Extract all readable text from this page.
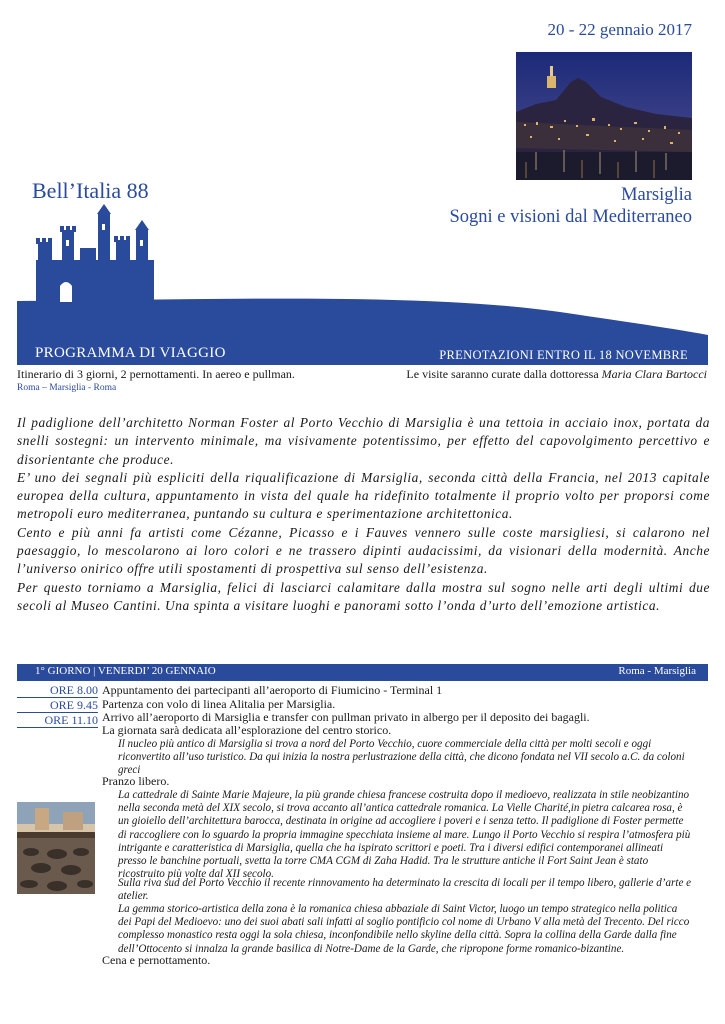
20 - 22 gennaio 2017
Bell’Italia 88	Marsiglia
Sogni e visioni dal Mediterraneo
PROGRAMMA DI VIAGGIO	PRENOTAZIONI ENTRO IL 18 NOVEMBRE
Itinerario di 3 giorni, 2 pernottamenti. In aereo e pullman.
Roma – Marsiglia - Roma
Le visite saranno curate dalla dottoressa Maria Clara Bartocci

Il padiglione dell’architetto Norman Foster al Porto Vecchio di Marsiglia è una tettoia in acciaio inox, portata da snelli sostegni: un intervento minimale, ma visivamente potentissimo, per effetto del capovolgimento percettivo e disorientante che produce.

E’ uno dei segnali più espliciti della riqualificazione di Marsiglia, seconda città della Francia, nel 2013 capitale europea della cultura, appuntamento in vista del quale ha ridefinito totalmente il proprio volto per proporsi come metropoli euro mediterranea, puntando su cultura e sperimentazione architettonica.

Cento e più anni fa artisti come Cézanne, Picasso e i Fauves vennero sulle coste marsigliesi, si calarono nel paesaggio, lo mescolarono ai loro colori e ne trassero dipinti audacissimi, da visionari della modernità. Anche l’universo onirico offre utili spostamenti di prospettiva sul senso dell’esistenza.

Per questo torniamo a Marsiglia, felici di lasciarci calamitare dalla mostra sul sogno nelle arti degli ultimi due secoli al Museo Cantini. Una spinta a visitare luoghi e panorami sotto l’onda d’urto dell’emozione artistica.

1° GIORNO | VENERDI’ 20 GENNAIO	Roma - Marsiglia
ORE 8.00 Appuntamento dei partecipanti all’aeroporto di Fiumicino - Terminal 1
ORE 9.45 Partenza con volo di linea Alitalia per Marsiglia.
ORE 11.10 Arrivo all’aeroporto di Marsiglia e transfer con pullman privato in albergo per il deposito dei bagagli.
La giornata sarà dedicata all’esplorazione del centro storico.
Il nucleo più antico di Marsiglia si trova a nord del Porto Vecchio, cuore commerciale della città per molti secoli e oggi riconvertito all’uso turistico. Da qui inizia la nostra perlustrazione della città, che dicono fondata nel VII secolo a.C. da coloni greci
Pranzo libero.
La cattedrale di Sainte Marie Majeure, la più grande chiesa francese costruita dopo il medioevo, realizzata in stile neobizantino nella seconda metà del XIX secolo, si trova accanto all’antica cattedrale romanica. La Vielle Charité,in pietra calcarea rosa, è un gioiello dell’architettura barocca, destinata in origine ad accogliere i poveri e i senza tetto. Il padiglione di Foster permette di raccogliere con lo sguardo la propria immagine specchiata insieme al mare. Lungo il Porto Vecchio si respira l’atmosfera più intrigante e caratteristica di Marsiglia, quella che ha ispirato scrittori e poeti. Tra i diversi edifici contemporanei allineati presso le banchine portuali, svetta la torre CMA CGM di Zaha Hadid. Tra le strutture antiche il Fort Saint Jean è stato ricostruito più volte dal XII secolo.
Sulla riva sud del Porto Vecchio il recente rinnovamento ha determinato la crescita di locali per il tempo libero, gallerie d’arte e atelier.
La gemma storico-artistica della zona è la romanica chiesa abbaziale di Saint Victor, luogo un tempo strategico nella politica dei Papi del Medioevo: uno dei suoi abati sali infatti al soglio pontificio col nome di Urbano V alla metà del Trecento. Del ricco complesso monastico resta oggi la sola chiesa, inconfondibile nello skyline della città. Sopra la collina della Garde dalla fine dell’Ottocento si innalza la grande basilica di Notre-Dame de la Garde, che ripropone forme romanico-bizantine.
Cena e pernottamento.
